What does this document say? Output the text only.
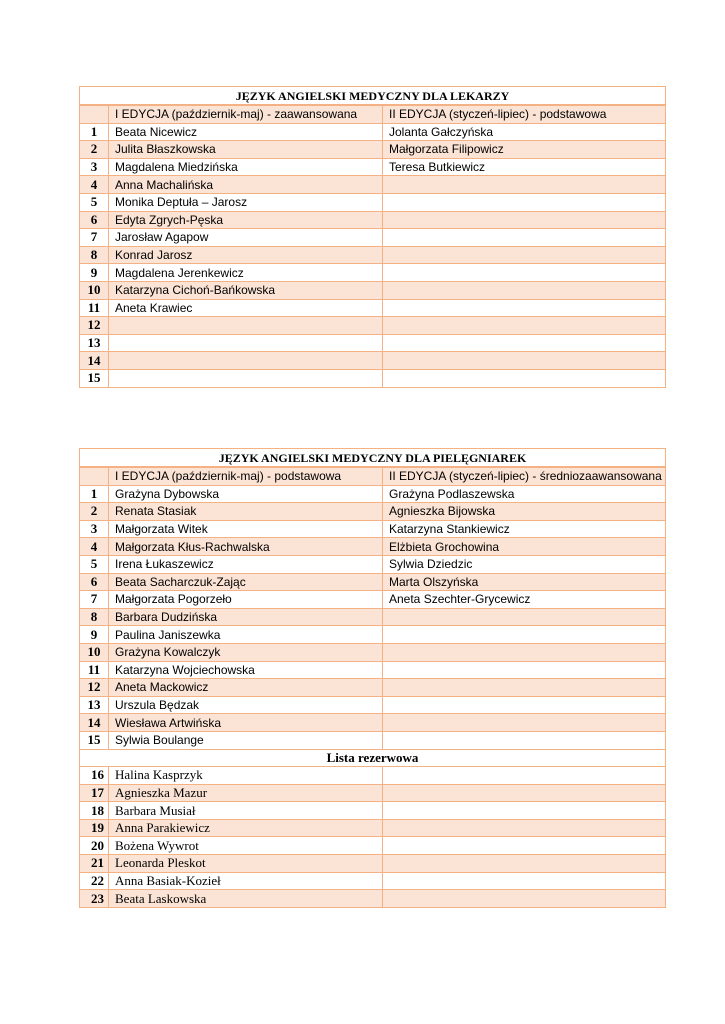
JĘZYK ANGIELSKI MEDYCZNY DLA LEKARZY		
	I EDYCJA (październik-maj) - zaawansowana	II EDYCJA (styczeń-lipiec) - podstawowa
1	Beata Nicewicz	Jolanta Gałczyńska
2	Julita Błaszkowska	Małgorzata Filipowicz
3	Magdalena Miedzińska	Teresa Butkiewicz
4	Anna Machalińska	
5	Monika Deptuła – Jarosz	
6	Edyta Zgrych-Pęska	
7	Jarosław Agapow	
8	Konrad Jarosz	
9	Magdalena Jerenkewicz	
10	Katarzyna Cichoń-Bańkowska	
11	Aneta Krawiec	
12		
13		
14		
15		
JĘZYK ANGIELSKI MEDYCZNY DLA PIELĘGNIAREK		
	I EDYCJA (październik-maj) - podstawowa	II EDYCJA (styczeń-lipiec) - średniozaawansowana
1	Grażyna Dybowska	Grażyna Podlaszewska
2	Renata Stasiak	Agnieszka Bijowska
3	Małgorzata Witek	Katarzyna Stankiewicz
4	Małgorzata Kłus-Rachwalska	Elżbieta Grochowina
5	Irena Łukaszewicz	Sylwia Dziedzic
6	Beata Sacharczuk-Zając	Marta Olszyńska
7	Małgorzata Pogorzeło	Aneta Szechter-Grycewicz
8	Barbara Dudzińska	
9	Paulina Janiszewka	
10	Grażyna Kowalczyk	
11	Katarzyna Wojciechowska	
12	Aneta Mackowicz	
13	Urszula Będzak	
14	Wiesława Artwińska	
15	Sylwia Boulange	
Lista rezerwowa		
16	Halina Kasprzyk	
17	Agnieszka Mazur	
18	Barbara Musiał	
19	Anna Parakiewicz	
20	Bożena Wywrot	
21	Leonarda Pleskot	
22	Anna Basiak-Kozieł	
23	Beata Laskowska	
